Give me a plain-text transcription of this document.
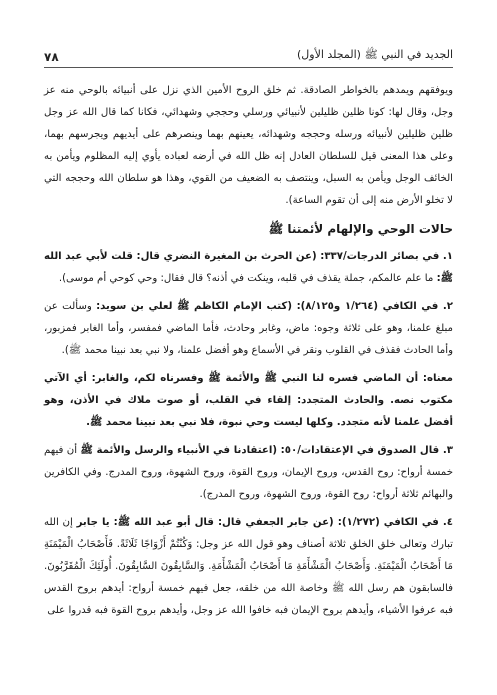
الجديد في النبي ﷺ (المجلد الأول)
٧٨

ويوفقهم ويمدهم بالخواطر الصادقة. ثم خلق الروح الأمين الذي نزل على أنبيائه بالوحي منه عز وجل، وقال لها: كونا ظلين ظليلين لأنبيائي ورسلي وحججي وشهدائي، فكانا كما قال الله عز وجل ظلين ظليلين لأنبيائه ورسله وحججه وشهدائه، يعينهم بهما وينصرهم على أيديهم ويجرسهم بهما، وعلى هذا المعنى قيل للسلطان العادل إنه ظل الله في أرضه لعباده يأوي إليه المظلوم ويأمن به الخائف الوجل ويأمن به السبل، وينتصف به الضعيف من القوي، وهذا هو سلطان الله وحججه التي لا تخلو الأرض منه إلى أن تقوم الساعة).

حالات الوحي والإلهام لأئمتنا ﷺ

١. في بصائر الدرجات/٣٣٧: (عن الحرث بن المغيرة النضري قال: قلت لأبي عبد الله ﷺ: ما علم عالمكم، جملة يقذف في قلبه، وينكت في أذنه؟ قال فقال: وحي كوحي أم موسى).

٢. في الكافي (١/٢٦٤ و٨/١٢٥): (كتب الإمام الكاظم ﷺ لعلي بن سويد: وسألت عن مبلغ علمنا، وهو على ثلاثة وجوه: ماض، وغابر وحادث، فأما الماضي فمفسر، وأما الغابر فمزبور، وأما الحادث فقذف في القلوب ونقر في الأسماع وهو أفضل علمنا، ولا نبي بعد نبينا محمد ﷺ).

معناه: أن الماضي فسره لنا النبي ﷺ والأئمة ﷺ وفسرناه لكم، والغابر: أي الآتي مكتوب نصه. والحادث المتجدد: إلقاء في القلب، أو صوت ملاك في الأذن، وهو أفضل علمنا لأنه متجدد. وكلها ليست وحي نبوة، فلا نبي بعد نبينا محمد ﷺ.

٣. قال الصدوق في الإعتقادات/٥٠: (اعتقادنا في الأنبياء والرسل والأئمة ﷺ أن فيهم خمسة أرواح: روح القدس، وروح الإيمان، وروح القوة، وروح الشهوة، وروح المدرج. وفي الكافرين والبهائم ثلاثة أرواح: روح القوة، وروح الشهوة، وروح المدرج).

٤. في الكافي (١/٢٧٢): (عن جابر الجعفي قال: قال أبو عبد الله ﷺ: يا جابر إن الله تبارك وتعالى خلق الخلق ثلاثة أصناف وهو قول الله عز وجل: وَكُنْتُمْ أَزْوَاجًا ثَلَاثَةً. فَأَصْحَابُ الْمَيْمَنَةِ مَا أَصْحَابُ الْمَيْمَنَةِ. وَأَصْحَابُ الْمَشْأَمَةِ مَا أَصْحَابُ الْمَشْأَمَةِ. وَالسَّابِقُونَ السَّابِقُونَ. أُولَئِكَ الْمُقَرَّبُونَ. فالسابقون هم رسل الله ﷺ وخاصة الله من خلقه، جعل فيهم خمسة أرواح: أيدهم بروح القدس فبه عرفوا الأشياء، وأيدهم بروح الإيمان فبه خافوا الله عز وجل، وأيدهم بروح القوة فبه قدروا على
